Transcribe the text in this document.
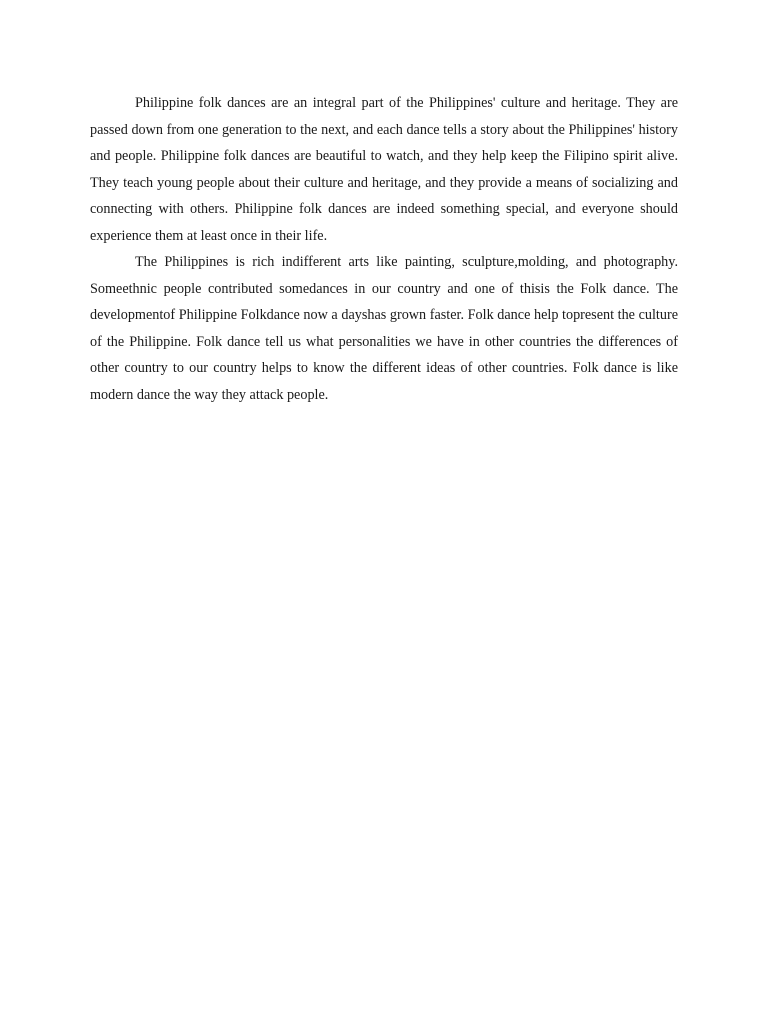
Philippine folk dances are an integral part of the Philippines' culture and heritage. They are passed down from one generation to the next, and each dance tells a story about the Philippines' history and people. Philippine folk dances are beautiful to watch, and they help keep the Filipino spirit alive. They teach young people about their culture and heritage, and they provide a means of socializing and connecting with others. Philippine folk dances are indeed something special, and everyone should experience them at least once in their life.

The Philippines is rich indifferent arts like painting, sculpture,molding, and photography. Someethnic people contributed somedances in our country and one of thisis the Folk dance. The developmentof Philippine Folkdance now a dayshas grown faster. Folk dance help topresent the culture of the Philippine. Folk dance tell us what personalities we have in other countries the differences of other country to our country helps to know the different ideas of other countries. Folk dance is like modern dance the way they attack people.
